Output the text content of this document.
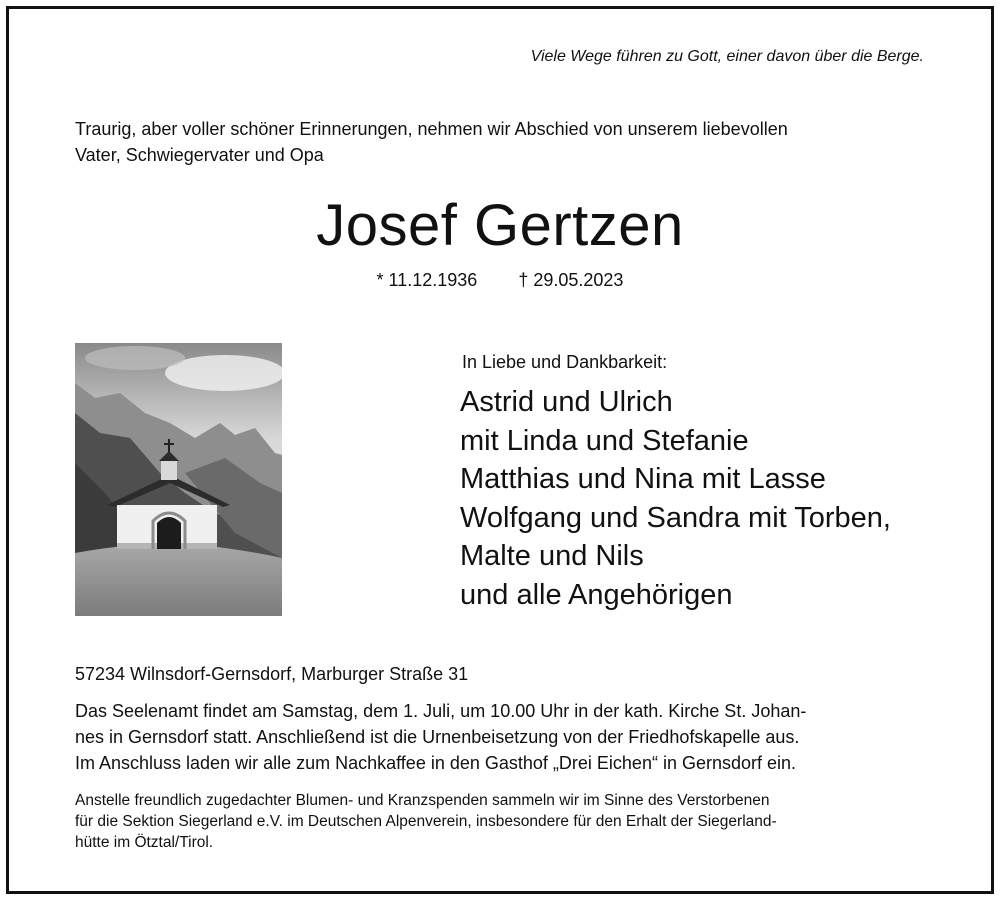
Viele Wege führen zu Gott, einer davon über die Berge.
Traurig, aber voller schöner Erinnerungen, nehmen wir Abschied von unserem liebevollen
Vater, Schwiegervater und Opa
Josef Gertzen
* 11.12.1936 † 29.05.2023
In Liebe und Dankbarkeit:
Astrid und Ulrich
mit Linda und Stefanie
Matthias und Nina mit Lasse
Wolfgang und Sandra mit Torben,
Malte und Nils
und alle Angehörigen
57234 Wilnsdorf-Gernsdorf, Marburger Straße 31
Das Seelenamt findet am Samstag, dem 1. Juli, um 10.00 Uhr in der kath. Kirche St. Johan-
nes in Gernsdorf statt. Anschließend ist die Urnenbeisetzung von der Friedhofskapelle aus.
Im Anschluss laden wir alle zum Nachkaffee in den Gasthof „Drei Eichen“ in Gernsdorf ein.
Anstelle freundlich zugedachter Blumen- und Kranzspenden sammeln wir im Sinne des Verstorbenen
für die Sektion Siegerland e.V. im Deutschen Alpenverein, insbesondere für den Erhalt der Siegerland-
hütte im Ötztal/Tirol.
